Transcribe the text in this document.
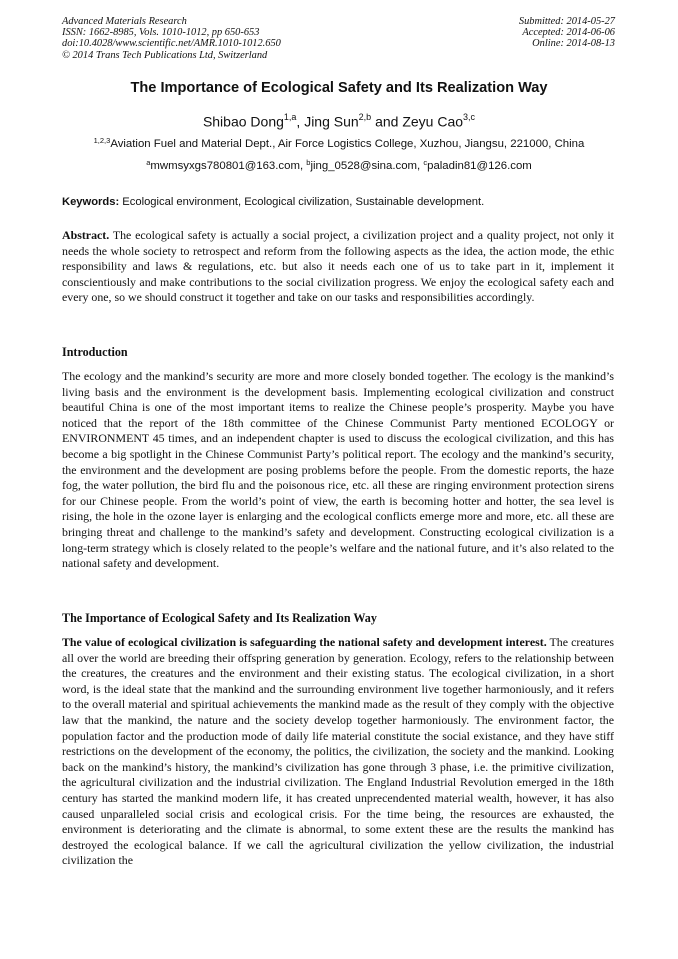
Advanced Materials Research
ISSN: 1662-8985, Vols. 1010-1012, pp 650-653
doi:10.4028/www.scientific.net/AMR.1010-1012.650
© 2014 Trans Tech Publications Ltd, Switzerland
Submitted: 2014-05-27
Accepted: 2014-06-06
Online: 2014-08-13
The Importance of Ecological Safety and Its Realization Way
Shibao Dong$^{1,a}$, Jing Sun$^{2,b}$ and Zeyu Cao$^{3,c}$
$^{1,2,3}$Aviation Fuel and Material Dept., Air Force Logistics College, Xuzhou, Jiangsu, 221000, China
$^a$mwmsyxgs780801@163.com, $^b$jing_0528@sina.com, $^c$paladin81@126.com
Keywords: Ecological environment, Ecological civilization, Sustainable development.

Abstract. The ecological safety is actually a social project, a civilization project and a quality project, not only it needs the whole society to retrospect and reform from the following aspects as the idea, the action mode, the ethic responsibility and laws & regulations, etc. but also it needs each one of us to take part in it, implement it conscientiously and make contributions to the social civilization progress. We enjoy the ecological safety each and every one, so we should construct it together and take on our tasks and responsibilities accordingly.

Introduction

The ecology and the mankind’s security are more and more closely bonded together. The ecology is the mankind’s living basis and the environment is the development basis. Implementing ecological civilization and construct beautiful China is one of the most important items to realize the Chinese people’s prosperity. Maybe you have noticed that the report of the 18th committee of the Chinese Communist Party mentioned ECOLOGY or ENVIRONMENT 45 times, and an independent chapter is used to discuss the ecological civilization, and this has become a big spotlight in the Chinese Communist Party’s political report. The ecology and the mankind’s security, the environment and the development are posing problems before the people. From the domestic reports, the haze fog, the water pollution, the bird flu and the poisonous rice, etc. all these are ringing environment protection sirens for our Chinese people. From the world’s point of view, the earth is becoming hotter and hotter, the sea level is rising, the hole in the ozone layer is enlarging and the ecological conflicts emerge more and more, etc. all these are bringing threat and challenge to the mankind’s safety and development. Constructing ecological civilization is a long-term strategy which is closely related to the people’s welfare and the national future, and it’s also related to the national safety and development.

The Importance of Ecological Safety and Its Realization Way

The value of ecological civilization is safeguarding the national safety and development interest. The creatures all over the world are breeding their offspring generation by generation. Ecology, refers to the relationship between the creatures, the creatures and the environment and their existing status. The ecological civilization, in a short word, is the ideal state that the mankind and the surrounding environment live together harmoniously, and it refers to the overall material and spiritual achievements the mankind made as the result of they comply with the objective law that the mankind, the nature and the society develop together harmoniously. The environment factor, the population factor and the production mode of daily life material constitute the social existance, and they have stiff restrictions on the development of the economy, the politics, the civilization, the society and the mankind. Looking back on the mankind’s history, the mankind’s civilization has gone through 3 phase, i.e. the primitive civilization, the agricultural civilization and the industrial civilization. The England Industrial Revolution emerged in the 18th century has started the mankind modern life, it has created unprecendented material wealth, however, it has also caused unparalleled social crisis and ecological crisis. For the time being, the resources are exhausted, the environment is deteriorating and the climate is abnormal, to some extent these are the results the mankind has destroyed the ecological balance. If we call the agricultural civilization the yellow civilization, the industrial civilization the
